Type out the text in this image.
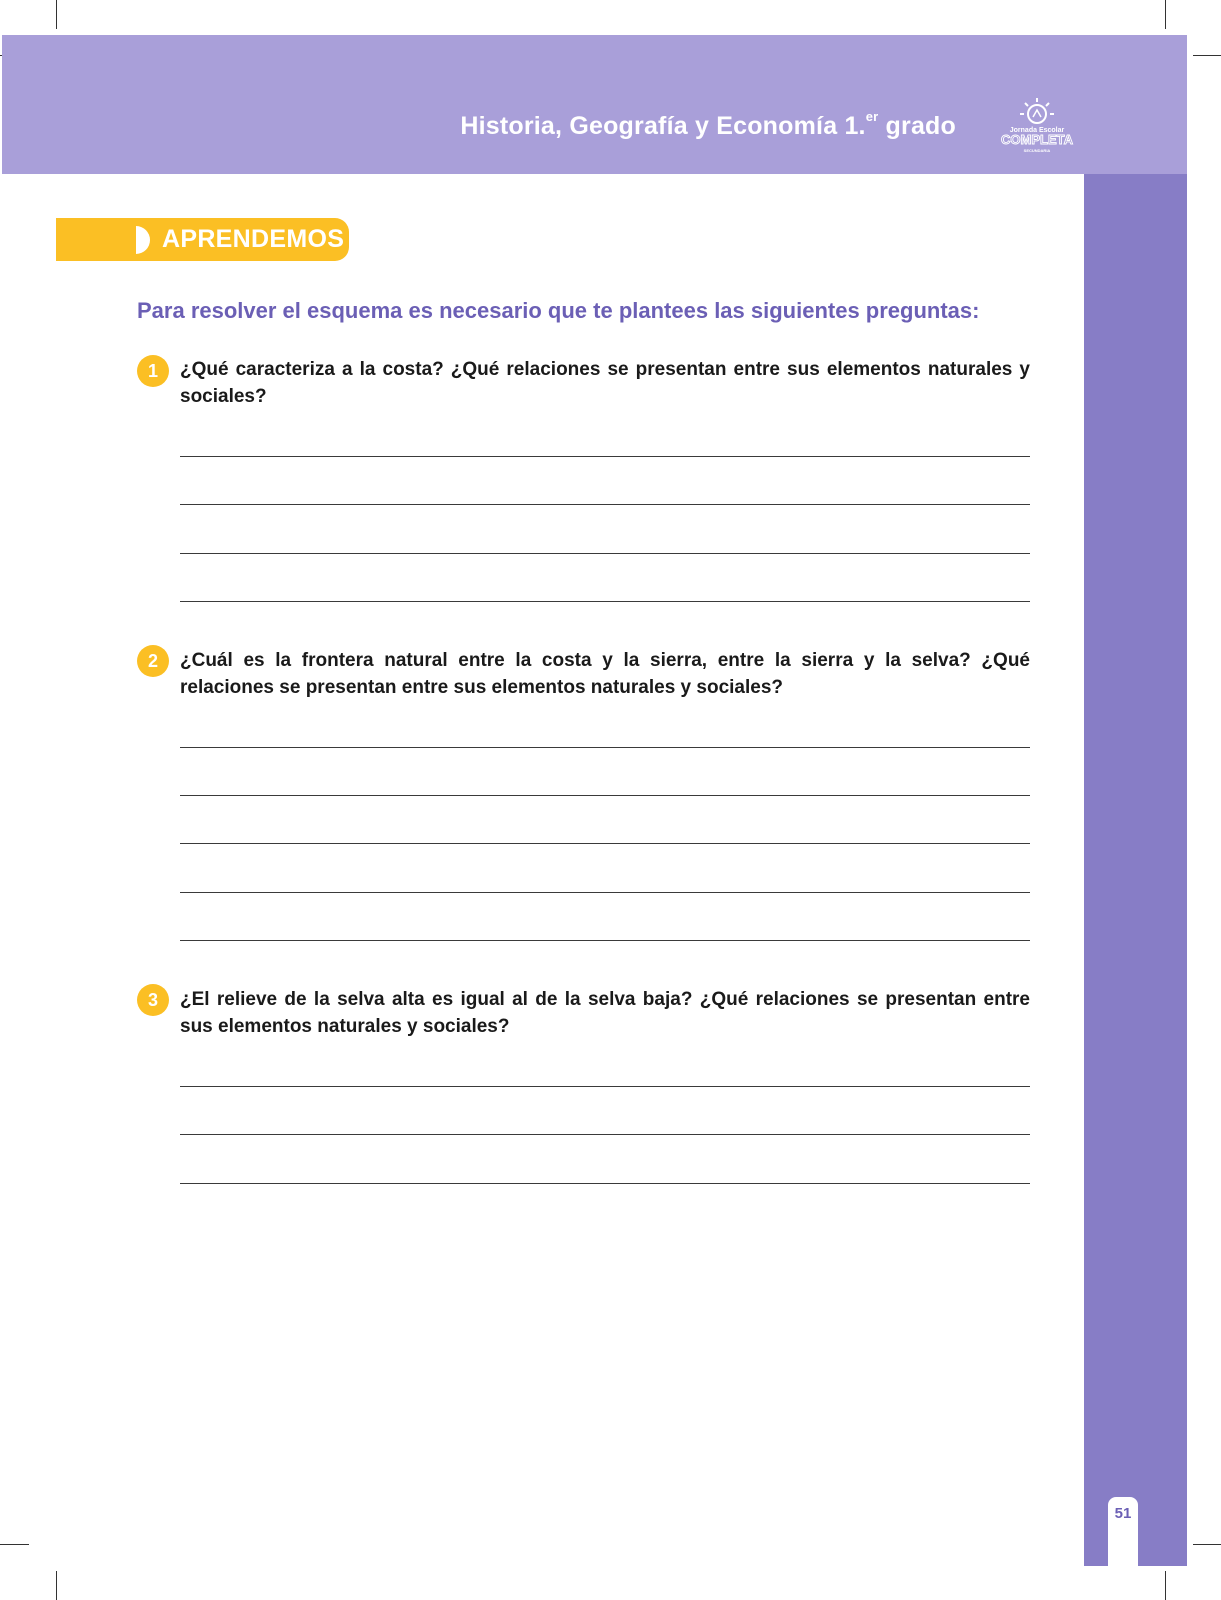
Historia, Geografía y Economía 1.$^{er}$ grado	Jornada Escolar
COMPLETA
SECUNDARIA
51
APRENDEMOS
Para resolver el esquema es necesario que te plantees las siguientes preguntas:
1	¿Qué caracteriza a la costa? ¿Qué relaciones se presentan entre sus elementos naturales y sociales?
2	¿Cuál es la frontera natural entre la costa y la sierra, entre la sierra y la selva? ¿Qué relaciones se presentan entre sus elementos naturales y sociales?
3	¿El relieve de la selva alta es igual al de la selva baja? ¿Qué relaciones se presentan entre sus elementos naturales y sociales?
